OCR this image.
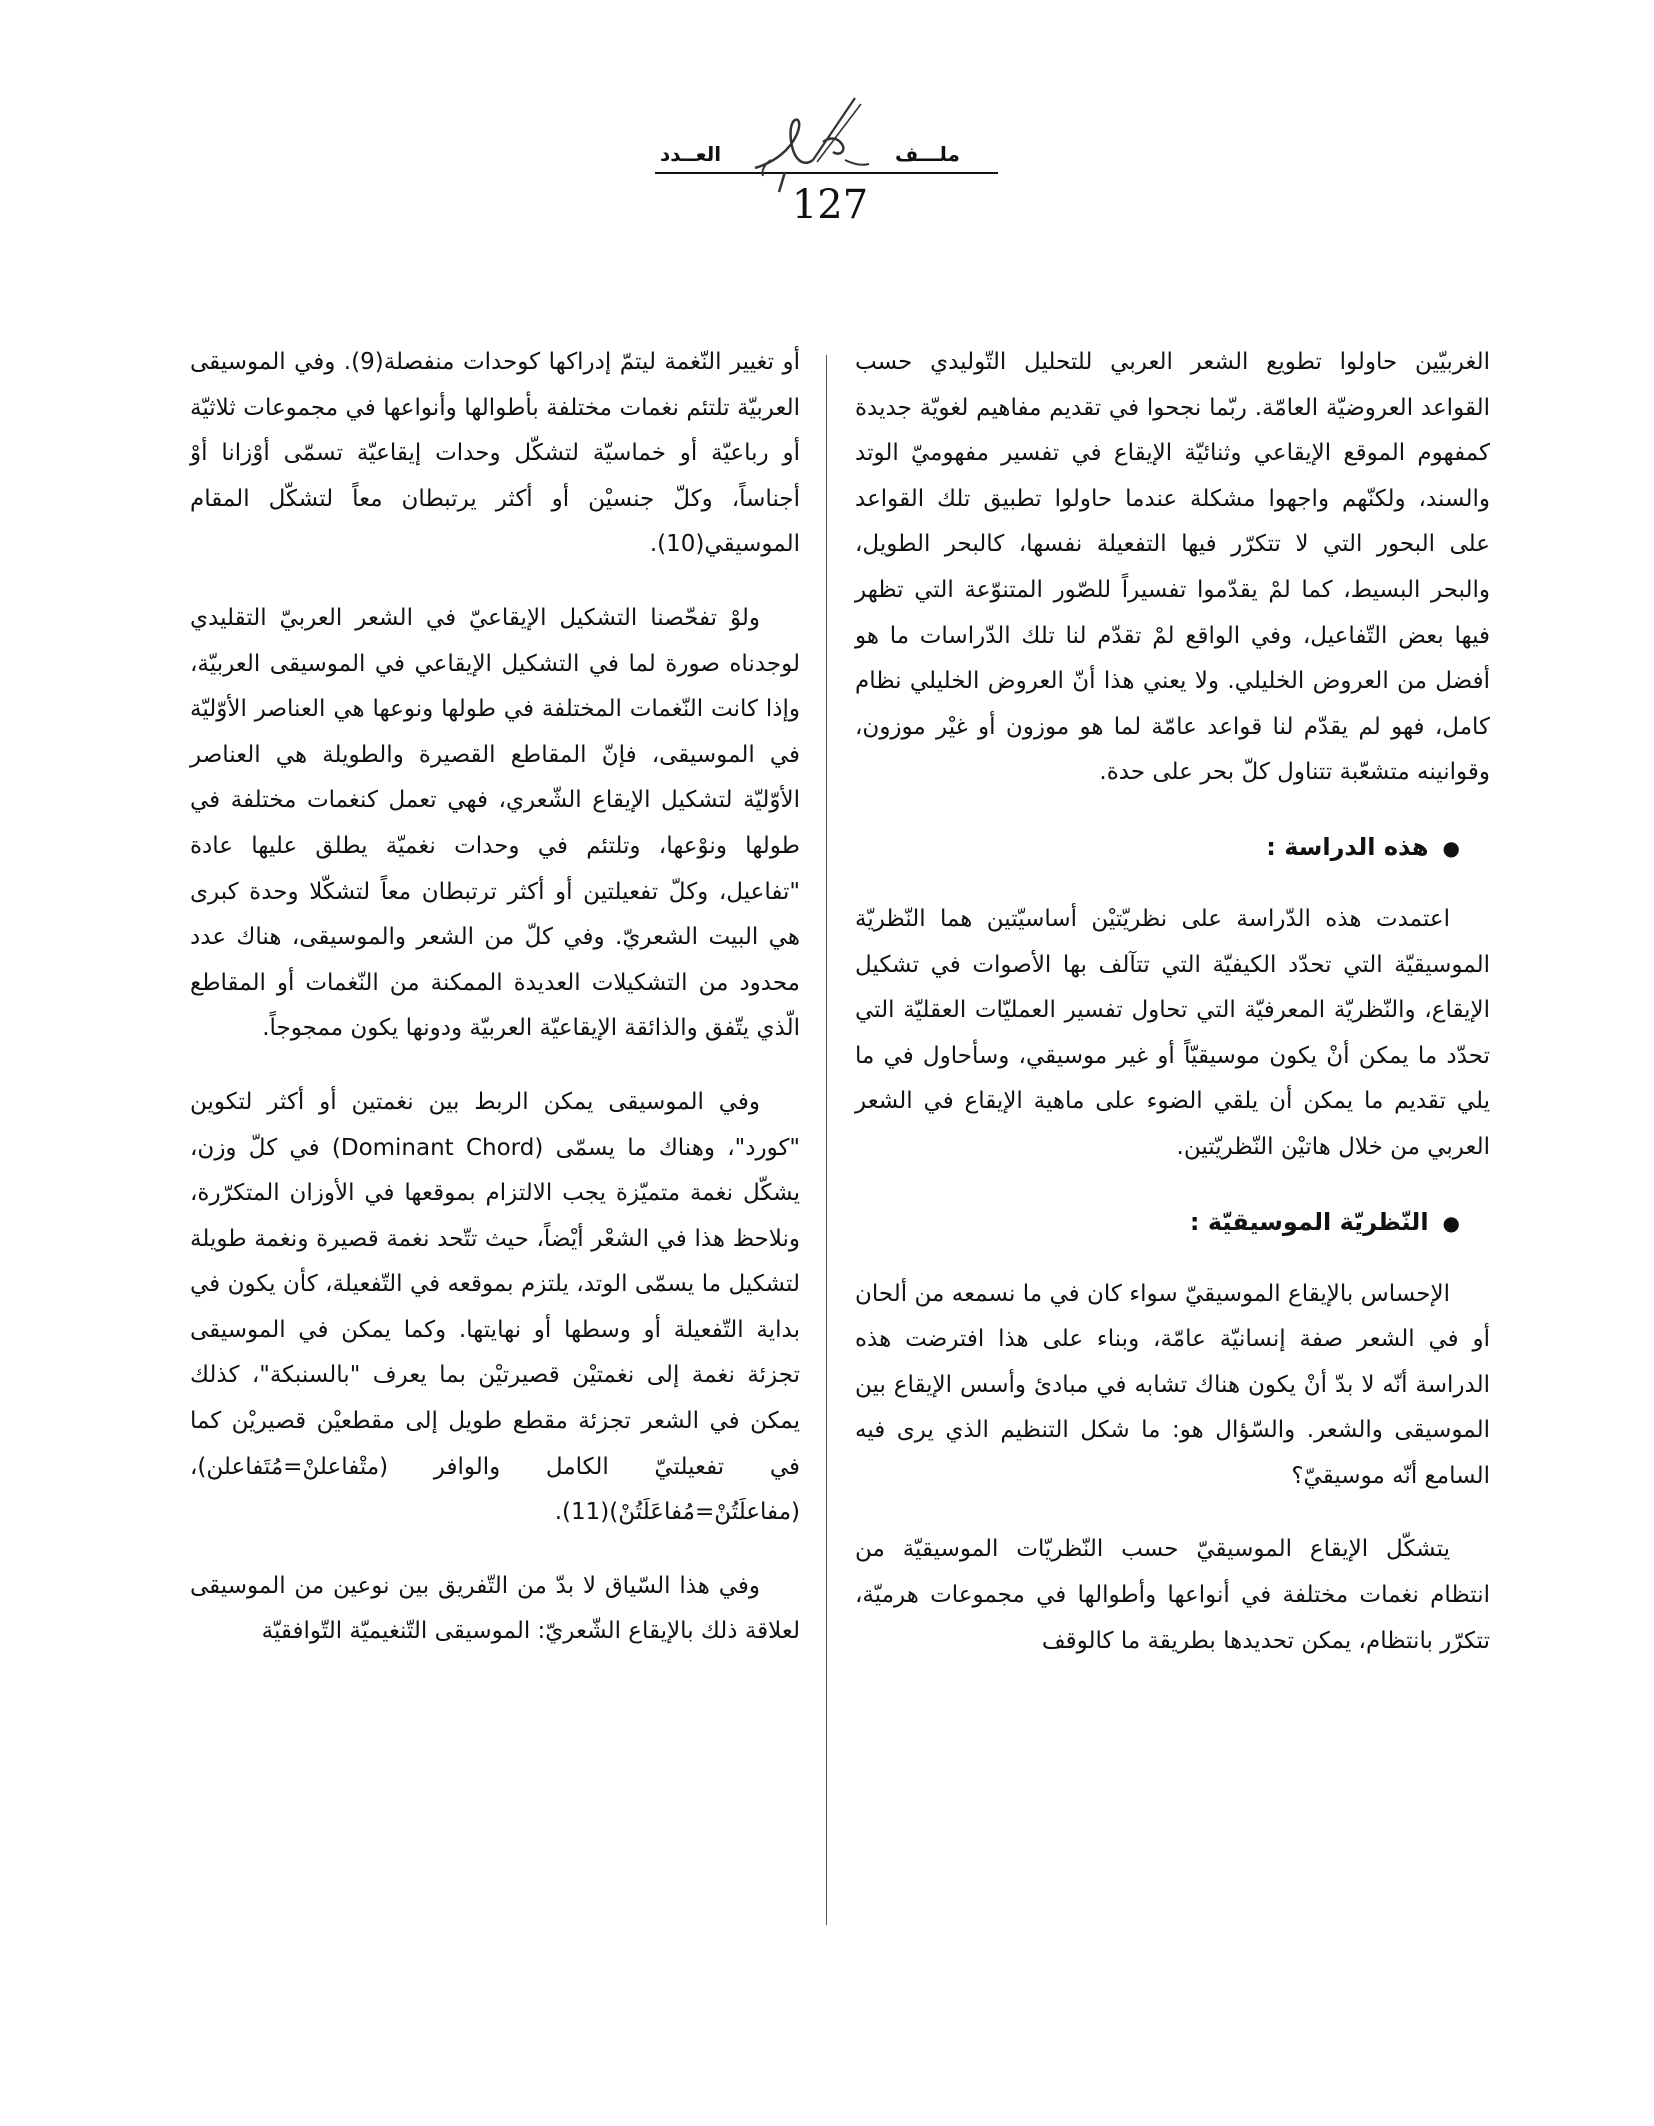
ملـــف
العــدد
127

الغربيّين حاولوا تطويع الشعر العربي للتحليل التّوليدي حسب القواعد العروضيّة العامّة. ربّما نجحوا في تقديم مفاهيم لغويّة جديدة كمفهوم الموقع الإيقاعي وثنائيّة الإيقاع في تفسير مفهوميّ الوتد والسند، ولكنّهم واجهوا مشكلة عندما حاولوا تطبيق تلك القواعد على البحور التي لا تتكرّر فيها التفعيلة نفسها، كالبحر الطويل، والبحر البسيط، كما لمْ يقدّموا تفسيراً للصّور المتنوّعة التي تظهر فيها بعض التّفاعيل، وفي الواقع لمْ تقدّم لنا تلك الدّراسات ما هو أفضل من العروض الخليلي. ولا يعني هذا أنّ العروض الخليلي نظام كامل، فهو لم يقدّم لنا قواعد عامّة لما هو موزون أو غيْر موزون، وقوانينه متشعّبة تتناول كلّ بحر على حدة.

●هذه الدراسة :

اعتمدت هذه الدّراسة على نظريّتيْن أساسيّتين هما النّظريّة الموسيقيّة التي تحدّد الكيفيّة التي تتآلف بها الأصوات في تشكيل الإيقاع، والنّظريّة المعرفيّة التي تحاول تفسير العمليّات العقليّة التي تحدّد ما يمكن أنْ يكون موسيقيّاً أو غير موسيقي، وسأحاول في ما يلي تقديم ما يمكن أن يلقي الضوء على ماهية الإيقاع في الشعر العربي من خلال هاتيْن النّظريّتين.

●النّظريّة الموسيقيّة :

الإحساس بالإيقاع الموسيقيّ سواء كان في ما نسمعه من ألحان أو في الشعر صفة إنسانيّة عامّة، وبناء على هذا افترضت هذه الدراسة أنّه لا بدّ أنْ يكون هناك تشابه في مبادئ وأسس الإيقاع بين الموسيقى والشعر. والسّؤال هو: ما شكل التنظيم الذي يرى فيه السامع أنّه موسيقيّ؟

يتشكّل الإيقاع الموسيقيّ حسب النّظريّات الموسيقيّة من انتظام نغمات مختلفة في أنواعها وأطوالها في مجموعات هرميّة، تتكرّر بانتظام، يمكن تحديدها بطريقة ما كالوقف

أو تغيير النّغمة ليتمّ إدراكها كوحدات منفصلة(9). وفي الموسيقى العربيّة تلتئم نغمات مختلفة بأطوالها وأنواعها في مجموعات ثلاثيّة أو رباعيّة أو خماسيّة لتشكّل وحدات إيقاعيّة تسمّى أوْزانا أوْ أجناساً، وكلّ جنسيْن أو أكثر يرتبطان معاً لتشكّل المقام الموسيقي(10).

ولوْ تفحّصنا التشكيل الإيقاعيّ في الشعر العربيّ التقليدي لوجدناه صورة لما في التشكيل الإيقاعي في الموسيقى العربيّة، وإذا كانت النّغمات المختلفة في طولها ونوعها هي العناصر الأوّليّة في الموسيقى، فإنّ المقاطع القصيرة والطويلة هي العناصر الأوّليّة لتشكيل الإيقاع الشّعري، فهي تعمل كنغمات مختلفة في طولها ونوْعها، وتلتئم في وحدات نغميّة يطلق عليها عادة "تفاعيل، وكلّ تفعيلتين أو أكثر ترتبطان معاً لتشكّلا وحدة كبرى هي البيت الشعريّ. وفي كلّ من الشعر والموسيقى، هناك عدد محدود من التشكيلات العديدة الممكنة من النّغمات أو المقاطع الّذي يتّفق والذائقة الإيقاعيّة العربيّة ودونها يكون ممجوجاً.

وفي الموسيقى يمكن الربط بين نغمتين أو أكثر لتكوين "كورد"، وهناك ما يسمّى (Dominant Chord) في كلّ وزن، يشكّل نغمة متميّزة يجب الالتزام بموقعها في الأوزان المتكرّرة، ونلاحظ هذا في الشعْر أيْضاً، حيث تتّحد نغمة قصيرة ونغمة طويلة لتشكيل ما يسمّى الوتد، يلتزم بموقعه في التّفعيلة، كأن يكون في بداية التّفعيلة أو وسطها أو نهايتها. وكما يمكن في الموسيقى تجزئة نغمة إلى نغمتيْن قصيرتيْن بما يعرف "بالسنبكة"، كذلك يمكن في الشعر تجزئة مقطع طويل إلى مقطعيْن قصيريْن كما في تفعيلتيّ الكامل والوافر (متْفاعلنْ=مُتَفاعلن)، (مفاعلَتُنْ=مُفاعَلَتُنْ)(11).

وفي هذا السّياق لا بدّ من التّفريق بين نوعين من الموسيقى لعلاقة ذلك بالإيقاع الشّعريّ: الموسيقى التّنغيميّة التّوافقيّة
